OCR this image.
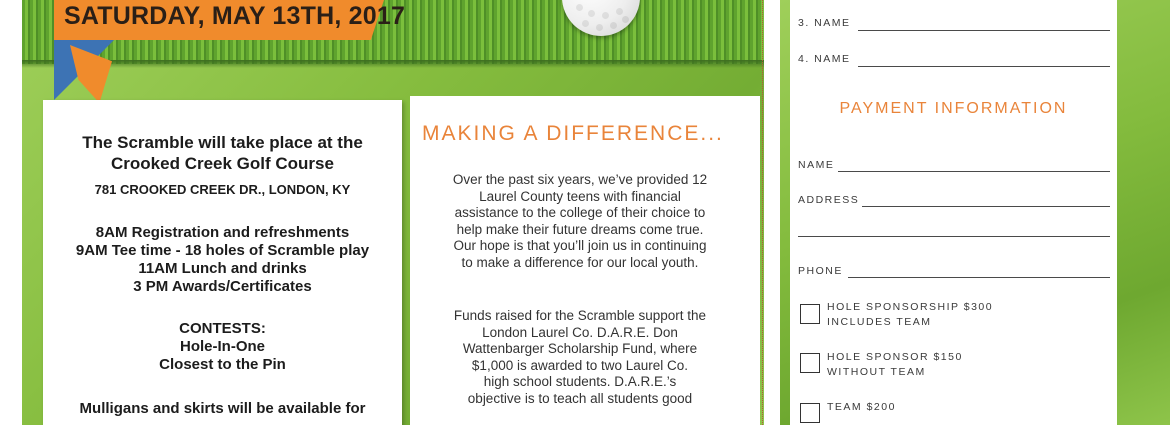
SATURDAY, MAY 13TH, 2017
The Scramble will take place at the
Crooked Creek Golf Course
781 CROOKED CREEK DR., LONDON, KY
8AM Registration and refreshments
9AM Tee time - 18 holes of Scramble play
11AM Lunch and drinks
3 PM Awards/Certificates
CONTESTS:
Hole-In-One
Closest to the Pin
Mulligans and skirts will be available for
MAKING A DIFFERENCE...
Over the past six years, we’ve provided 12
Laurel County teens with financial
assistance to the college of their choice to
help make their future dreams come true.
Our hope is that you’ll join us in continuing
to make a difference for our local youth.
Funds raised for the Scramble support the
London Laurel Co. D.A.R.E. Don
Wattenbarger Scholarship Fund, where
$1,000 is awarded to two Laurel Co.
high school students. D.A.R.E.’s
objective is to teach all students good
3. NAME
4. NAME
PAYMENT INFORMATION
NAME
ADDRESS
PHONE
HOLE SPONSORSHIP $300
INCLUDES TEAM
HOLE SPONSOR $150
WITHOUT TEAM
TEAM $200
